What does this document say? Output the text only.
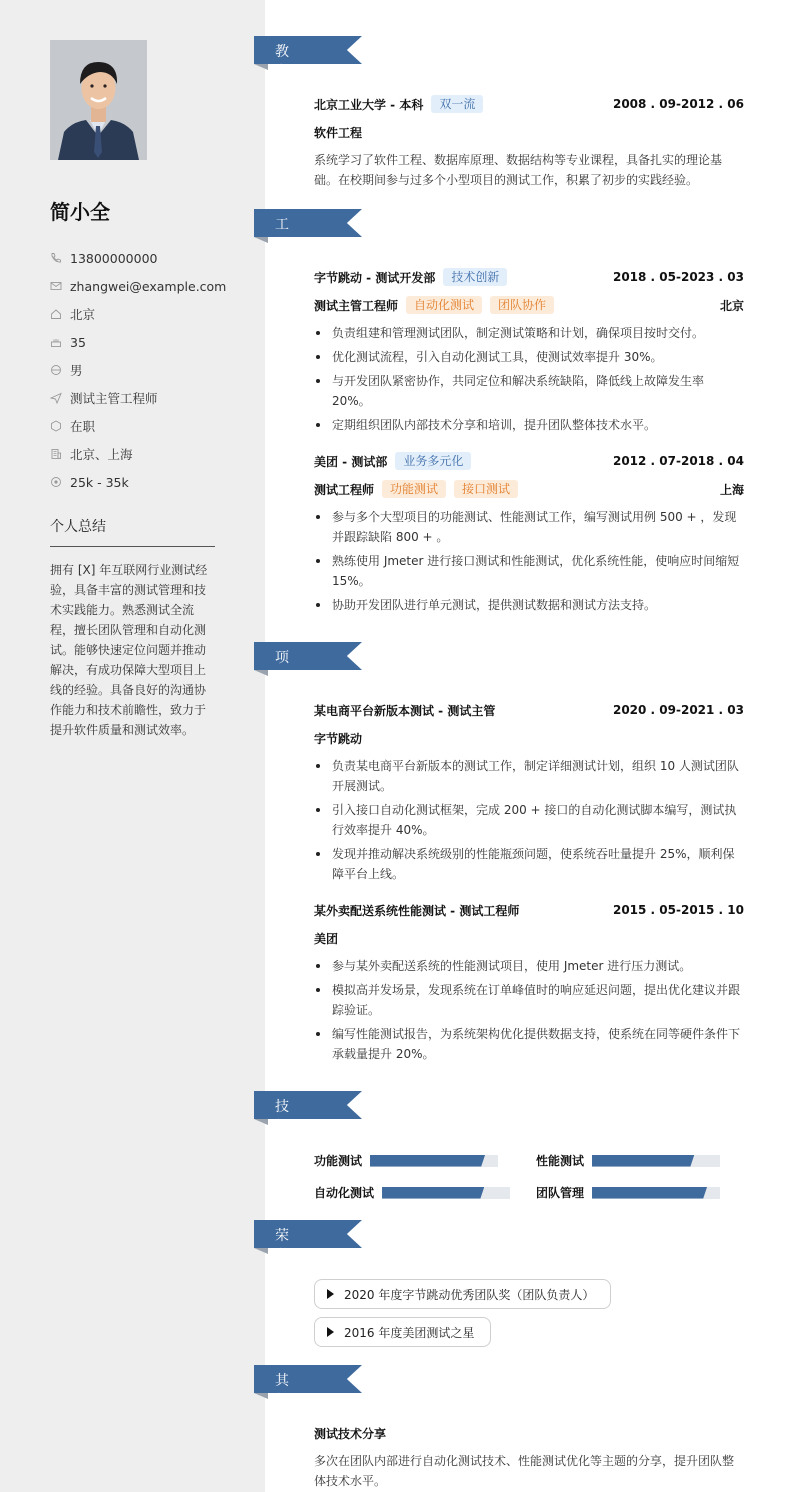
简小全
13800000000
zhangwei@example.com
北京
35
男
测试主管工程师
在职
北京、上海
25k - 35k
个人总结
拥有 [X] 年互联网行业测试经验，具备丰富的测试管理和技术实践能力。熟悉测试全流程，擅长团队管理和自动化测试。能够快速定位问题并推动解决，有成功保障大型项目上线的经验。具备良好的沟通协作能力和技术前瞻性，致力于提升软件质量和测试效率。
教育经历 北京工业大学 - 本科	双一流	2008 . 09-2012 . 06
软件工程
系统学习了软件工程、数据库原理、数据结构等专业课程，具备扎实的理论基础。在校期间参与过多个小型项目的测试工作，积累了初步的实践经验。
工作经历 字节跳动 - 测试开发部	技术创新	2018 . 05-2023 . 03
测试主管工程师	自动化测试	团队协作	北京
负责组建和管理测试团队，制定测试策略和计划，确保项目按时交付。
优化测试流程，引入自动化测试工具，使测试效率提升 30%。
与开发团队紧密协作，共同定位和解决系统缺陷，降低线上故障发生率 20%。
定期组织团队内部技术分享和培训，提升团队整体技术水平。
美团 - 测试部	业务多元化	2012 . 07-2018 . 04
测试工程师	功能测试	接口测试	上海
参与多个大型项目的功能测试、性能测试工作，编写测试用例 500 + ，发现并跟踪缺陷 800 + 。
熟练使用 Jmeter 进行接口测试和性能测试，优化系统性能，使响应时间缩短 15%。
协助开发团队进行单元测试，提供测试数据和测试方法支持。
项目经历 某电商平台新版本测试 - 测试主管	2020 . 09-2021 . 03
字节跳动
负责某电商平台新版本的测试工作，制定详细测试计划，组织 10 人测试团队开展测试。
引入接口自动化测试框架，完成 200 + 接口的自动化测试脚本编写，测试执行效率提升 40%。
发现并推动解决系统级别的性能瓶颈问题，使系统吞吐量提升 25%，顺利保障平台上线。
某外卖配送系统性能测试 - 测试工程师	2015 . 05-2015 . 10
美团
参与某外卖配送系统的性能测试项目，使用 Jmeter 进行压力测试。
模拟高并发场景，发现系统在订单峰值时的响应延迟问题，提出优化建议并跟踪验证。
编写性能测试报告，为系统架构优化提供数据支持，使系统在同等硬件条件下承载量提升 20%。
技能专长 功能测试	性能测试
自动化测试	团队管理
荣誉奖项	2020 年度字节跳动优秀团队奖（团队负责人）
2016 年度美团测试之星
其他信息 测试技术分享
多次在团队内部进行自动化测试技术、性能测试优化等主题的分享，提升团队整体技术水平。
